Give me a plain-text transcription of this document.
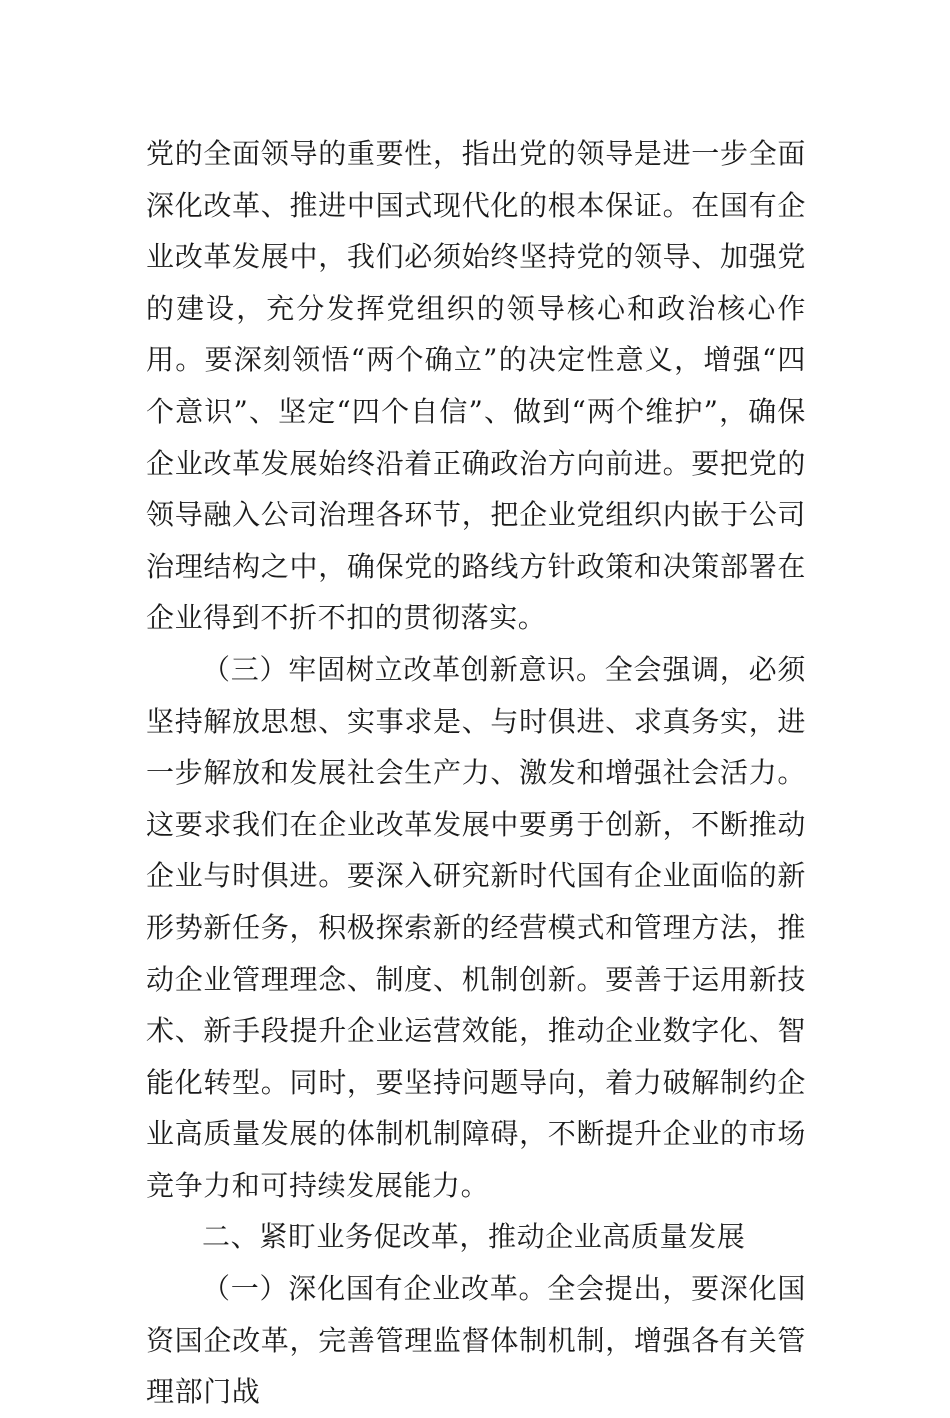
党的全面领导的重要性，指出党的领导是进一步全面深化改革、推进中国式现代化的根本保证。在国有企业改革发展中，我们必须始终坚持党的领导、加强党的建设，充分发挥党组织的领导核心和政治核心作用。要深刻领悟“两个确立”的决定性意义，增强“四个意识”、坚定“四个自信”、做到“两个维护”，确保企业改革发展始终沿着正确政治方向前进。要把党的领导融入公司治理各环节，把企业党组织内嵌于公司治理结构之中，确保党的路线方针政策和决策部署在企业得到不折不扣的贯彻落实。

（三）牢固树立改革创新意识。全会强调，必须坚持解放思想、实事求是、与时俱进、求真务实，进一步解放和发展社会生产力、激发和增强社会活力。这要求我们在企业改革发展中要勇于创新，不断推动企业与时俱进。要深入研究新时代国有企业面临的新形势新任务，积极探索新的经营模式和管理方法，推动企业管理理念、制度、机制创新。要善于运用新技术、新手段提升企业运营效能，推动企业数字化、智能化转型。同时，要坚持问题导向，着力破解制约企业高质量发展的体制机制障碍，不断提升企业的市场竞争力和可持续发展能力。

二、紧盯业务促改革，推动企业高质量发展

（一）深化国有企业改革。全会提出，要深化国资国企改革，完善管理监督体制机制，增强各有关管理部门战
